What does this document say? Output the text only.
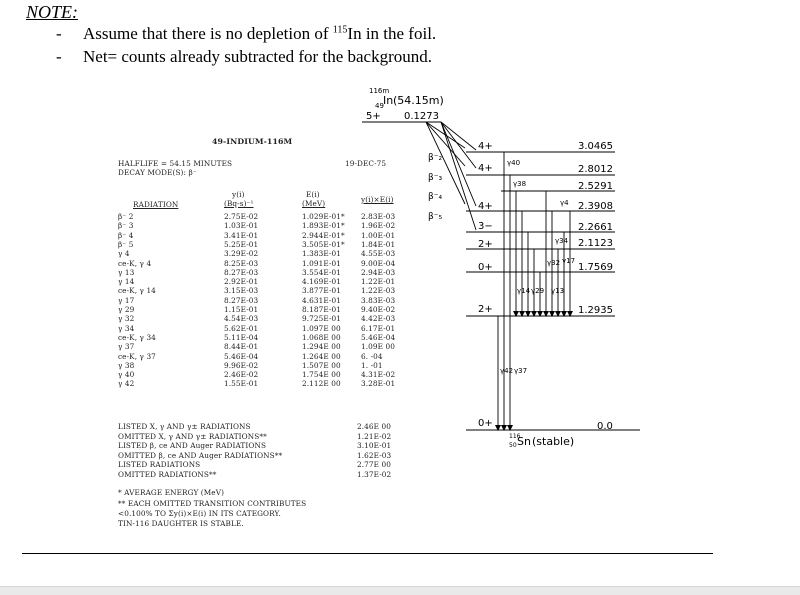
NOTE:
- Assume that there is no depletion of $^{115}$In in the foil.
- Net= counts already subtracted for the background.
49-INDIUM-116M
HALFLIFE = 54.15 MINUTES	19-DEC-75
DECAY MODE(S): β⁻
y(i)
(Bq-s)⁻¹
E(i)
(MeV)	y(i)×E(i)
RADIATION
β⁻ 2	2.75E-02	1.029E-01* 2.83E-03
β⁻ 3	1.03E-01	1.893E-01* 1.96E-02
β⁻ 4	3.41E-01	2.944E-01* 1.00E-01
β⁻ 5	5.25E-01	3.505E-01* 1.84E-01
γ 4	3.29E-02	1.383E-01	4.55E-03
ce-K, γ 4	8.25E-03	1.091E-01	9.00E-04
γ 13	8.27E-03	3.554E-01	2.94E-03
γ 14	2.92E-01	4.169E-01	1.22E-01
ce-K, γ 14	3.15E-03	3.877E-01	1.22E-03
γ 17	8.27E-03	4.631E-01	3.83E-03
γ 29	1.15E-01	8.187E-01	9.40E-02
γ 32	4.54E-03	9.725E-01	4.42E-03
γ 34	5.62E-01	1.097E 00	6.17E-01
ce-K, γ 34	5.11E-04	1.068E 00	5.46E-04
γ 37	8.44E-01	1.294E 00	1.09E 00
ce-K, γ 37	5.46E-04	1.264E 00	6. -04
γ 38	9.96E-02	1.507E 00	1. -01
γ 40	2.46E-02	1.754E 00	4.31E-02
γ 42	1.55E-01	2.112E 00	3.28E-01
LISTED X, γ AND γ± RADIATIONS	2.46E 00
OMITTED X, γ AND γ± RADIATIONS**	1.21E-02
LISTED β, ce AND Auger RADIATIONS	3.10E-01
OMITTED β, ce AND Auger RADIATIONS**	1.62E-03
LISTED RADIATIONS	2.77E 00
OMITTED RADIATIONS**	1.37E-02
* AVERAGE ENERGY (MeV)
** EACH OMITTED TRANSITION CONTRIBUTES
<0.100% TO Σy(i)×E(i) IN ITS CATEGORY.
TIN-116 DAUGHTER IS STABLE.
116m
49 In (54.15m)
5+ 0.1273
β⁻₂
β⁻₃
β⁻₄
β⁻₅
4+	3.0465
4+	2.8012
2.5291
4+	2.3908
3−	2.2661
2+	2.1123
0+	1.7569
2+	1.2935
0+	0.0
γ40
γ38
γ4
γ14 γ29 γ13
γ34
γ32 γ17
γ42 γ37
116
50 Sn (stable)
